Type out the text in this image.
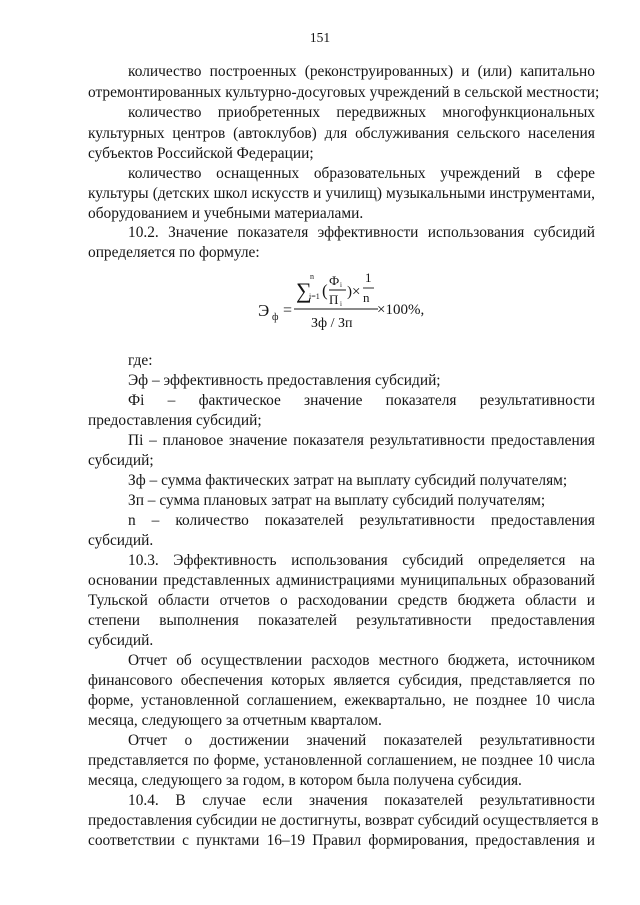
151
количество построенных (реконструированных) и (или) капитально
отремонтированных культурно-досуговых учреждений в сельской местности;
количество приобретенных передвижных многофункциональных
культурных центров (автоклубов) для обслуживания сельского населения
субъектов Российской Федерации;
количество оснащенных образовательных учреждений в сфере
культуры (детских школ искусств и училищ) музыкальными инструментами,
оборудованием и учебными материалами.
10.2. Значение показателя эффективности использования субсидий
определяется по формуле:
где:
Эф – эффективность предоставления субсидий;
Фi – фактическое значение показателя результативности
предоставления субсидий;
Пi – плановое значение показателя результативности предоставления
субсидий;
Зф – сумма фактических затрат на выплату субсидий получателям;
Зп – сумма плановых затрат на выплату субсидий получателям;
n – количество показателей результативности предоставления
субсидий.
10.3. Эффективность использования субсидий определяется на
основании представленных администрациями муниципальных образований
Тульской области отчетов о расходовании средств бюджета области и
степени выполнения показателей результативности предоставления
субсидий.
Отчет об осуществлении расходов местного бюджета, источником
финансового обеспечения которых является субсидия, представляется по
форме, установленной соглашением, ежеквартально, не позднее 10 числа
месяца, следующего за отчетным кварталом.
Отчет о достижении значений показателей результативности
представляется по форме, установленной соглашением, не позднее 10 числа
месяца, следующего за годом, в котором была получена субсидия.
10.4. В случае если значения показателей результативности
предоставления субсидии не достигнуты, возврат субсидий осуществляется в
соответствии с пунктами 16–19 Правил формирования, предоставления и
Э ф =
∑
n
i=1 (
Ф i
П i
)×
1
n
Зф / Зп
×100%,
